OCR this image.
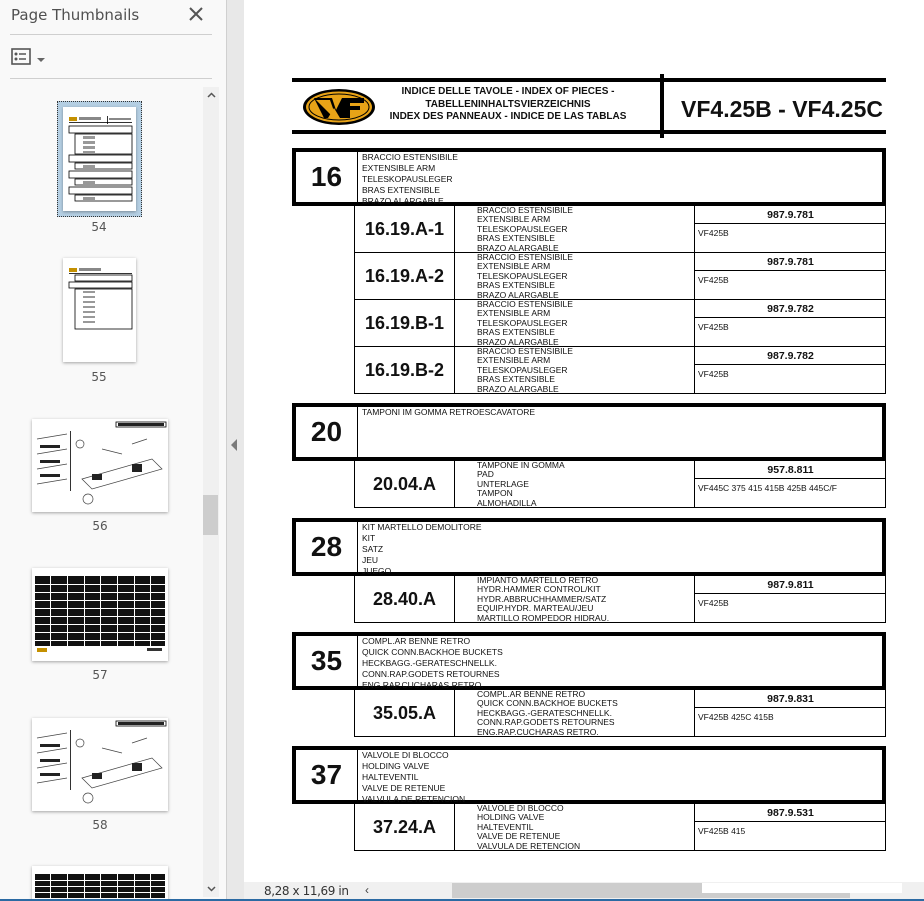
Page Thumbnails
54
55
56
57
58
INDICE DELLE TAVOLE - INDEX OF PIECES -
TABELLENINHALTSVIERZEICHNIS
INDEX DES PANNEAUX - INDICE DE LAS TABLAS VF4.25B - VF4.25C
16
BRACCIO ESTENSIBILE
EXTENSIBLE ARM
TELESKOPAUSLEGER
BRAS EXTENSIBLE
BRAZO ALARGABLE
16.19.A-1
BRACCIO ESTENSIBILE
EXTENSIBLE ARM
TELESKOPAUSLEGER
BRAS EXTENSIBLE
BRAZO ALARGABLE
987.9.781
VF425B
16.19.A-2
BRACCIO ESTENSIBILE
EXTENSIBLE ARM
TELESKOPAUSLEGER
BRAS EXTENSIBLE
BRAZO ALARGABLE
987.9.781
VF425B
16.19.B-1
BRACCIO ESTENSIBILE
EXTENSIBLE ARM
TELESKOPAUSLEGER
BRAS EXTENSIBLE
BRAZO ALARGABLE
987.9.782
VF425B
16.19.B-2
BRACCIO ESTENSIBILE
EXTENSIBLE ARM
TELESKOPAUSLEGER
BRAS EXTENSIBLE
BRAZO ALARGABLE
987.9.782
VF425B
20
TAMPONI IM GOMMA RETROESCAVATORE
20.04.A
TAMPONE IN GOMMA
PAD
UNTERLAGE
TAMPON
ALMOHADILLA
957.8.811
VF445C 375 415 415B 425B 445C/F
28
KIT MARTELLO DEMOLITORE
KIT
SATZ
JEU
JUEGO
28.40.A
IMPIANTO MARTELLO RETRO
HYDR.HAMMER CONTROL/KIT
HYDR.ABBRUCHHAMMER/SATZ
EQUIP.HYDR. MARTEAU/JEU
MARTILLO ROMPEDOR HIDRAU.
987.9.811
VF425B
35
COMPL.AR BENNE RETRO
QUICK CONN.BACKHOE BUCKETS
HECKBAGG.-GERATESCHNELLK.
CONN.RAP.GODETS RETOURNES
ENG.RAP.CUCHARAS RETRO.
35.05.A
COMPL.AR BENNE RETRO
QUICK CONN.BACKHOE BUCKETS
HECKBAGG.-GERATESCHNELLK.
CONN.RAP.GODETS RETOURNES
ENG.RAP.CUCHARAS RETRO.
987.9.831
VF425B 425C 415B
37
VALVOLE DI BLOCCO
HOLDING VALVE
HALTEVENTIL
VALVE DE RETENUE
VALVULA DE RETENCION
37.24.A
VALVOLE DI BLOCCO
HOLDING VALVE
HALTEVENTIL
VALVE DE RETENUE
VALVULA DE RETENCION
987.9.531
VF425B 415
8,28 x 11,69 in	‹
